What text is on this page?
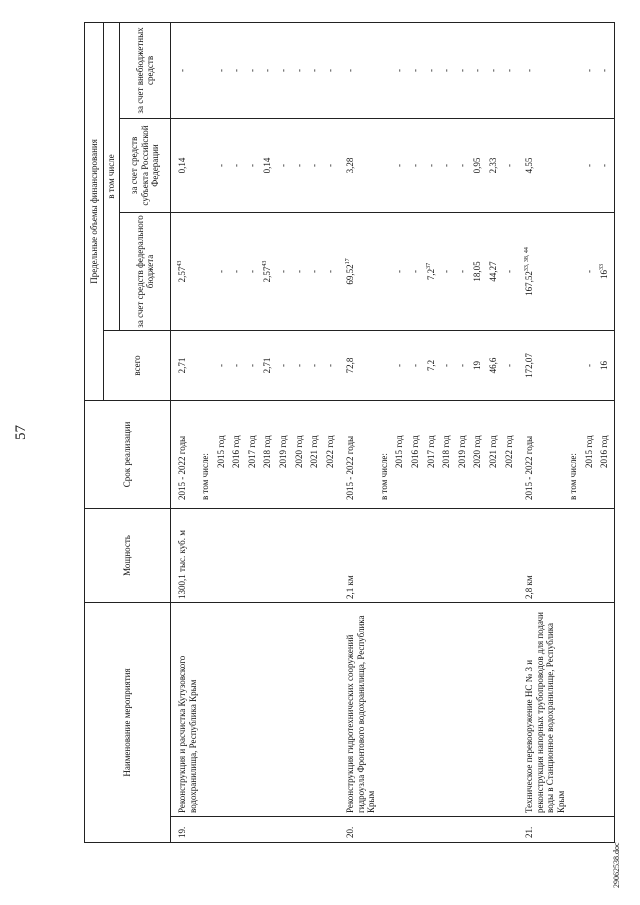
57
Наименование мероприятия		Мощность	Срок реализации	Предельные объемы финансирования			
				всего	в том числе		
					за счет средств федерального бюджета	за счет средств субъекта Российской Федерации	за счет внебюджетных средств
19.	Реконструкция и расчистка Кутузовского водохранилища, Республика Крым	1300,1 тыс. куб. м	2015 - 2022 годы	2,71	2,57$^{43}$	0,14	-
			в том числе:				
			2015 год	-	-	-	-
			2016 год	-	-	-	-
			2017 год	-	-	-	-
			2018 год	2,71	2,57$^{43}$	0,14	-
			2019 год	-	-	-	-
			2020 год	-	-	-	-
			2021 год	-	-	-	-
			2022 год	-	-	-	-
20.	Реконструкция гидротехнических сооружений гидроузла Фронтового водохранилища, Республика Крым	2,1 км	2015 - 2022 годы	72,8	69,52$^{17}$	3,28	-
			в том числе:				
			2015 год	-	-	-	-
			2016 год	-	-	-	-
			2017 год	7,2	$7,2^{37}$	-	-
			2018 год	-	-	-	-
			2019 год	-	-	-	-
			2020 год	19	18,05	0,95	-
			2021 год	46,6	44,27	2,33	-
			2022 год	-	-	-	-
21.	Техническое перевооружение НС № 3 и реконструкция напорных трубопроводов для подачи воды в Станционное водохранилище, Республика Крым	2,8 км	2015 - 2022 годы	172,07	167,52$^{33, 38, 44}$	4,55	-
			в том числе:				
			2015 год	-	-	-	-
			2016 год	16	$16^{33}$	-	-
29062538.doc
